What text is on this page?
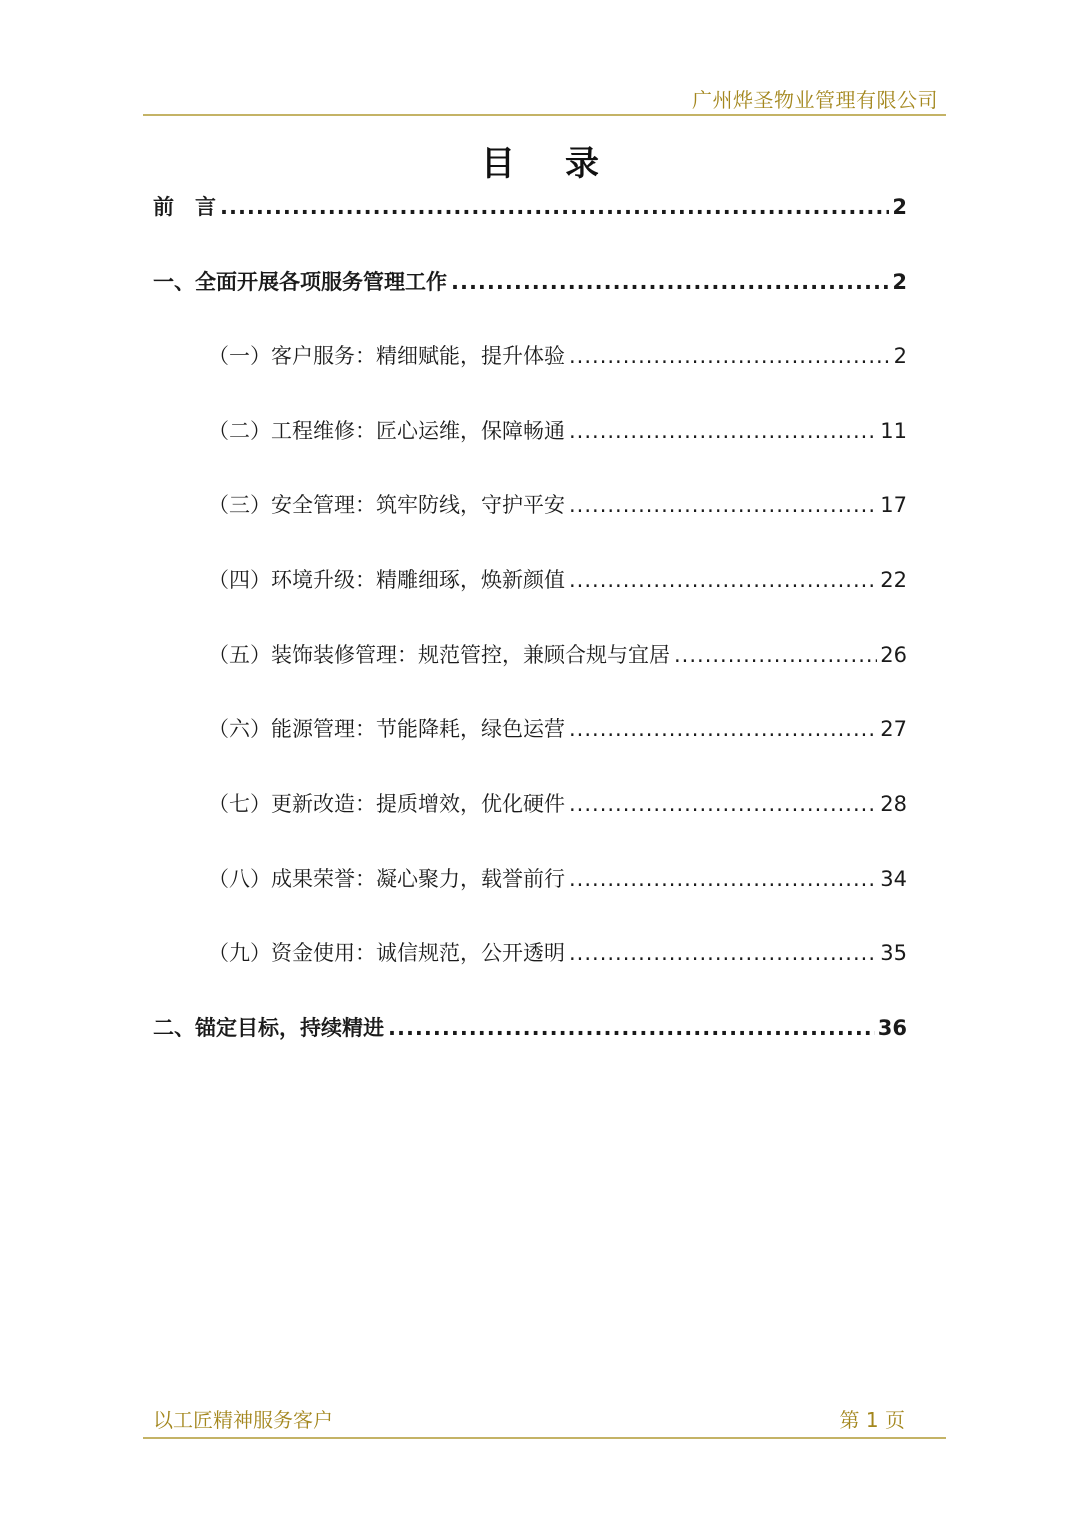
广州烨圣物业管理有限公司
目 录
前　言 .....	2
一、全面开展各项服务管理工作 .....	2
（一）客户服务：精细赋能，提升体验 .....	2
（二）工程维修：匠心运维，保障畅通 .....	11
（三）安全管理：筑牢防线，守护平安 .....	17
（四）环境升级：精雕细琢，焕新颜值 .....	22
（五）装饰装修管理：规范管控，兼顾合规与宜居 .....	26
（六）能源管理：节能降耗，绿色运营 .....	27
（七）更新改造：提质增效，优化硬件 .....	28
（八）成果荣誉：凝心聚力，载誉前行 .....	34
（九）资金使用：诚信规范，公开透明 .....	35
二、锚定目标，持续精进 .....	36
以工匠精神服务客户	第 1 页
